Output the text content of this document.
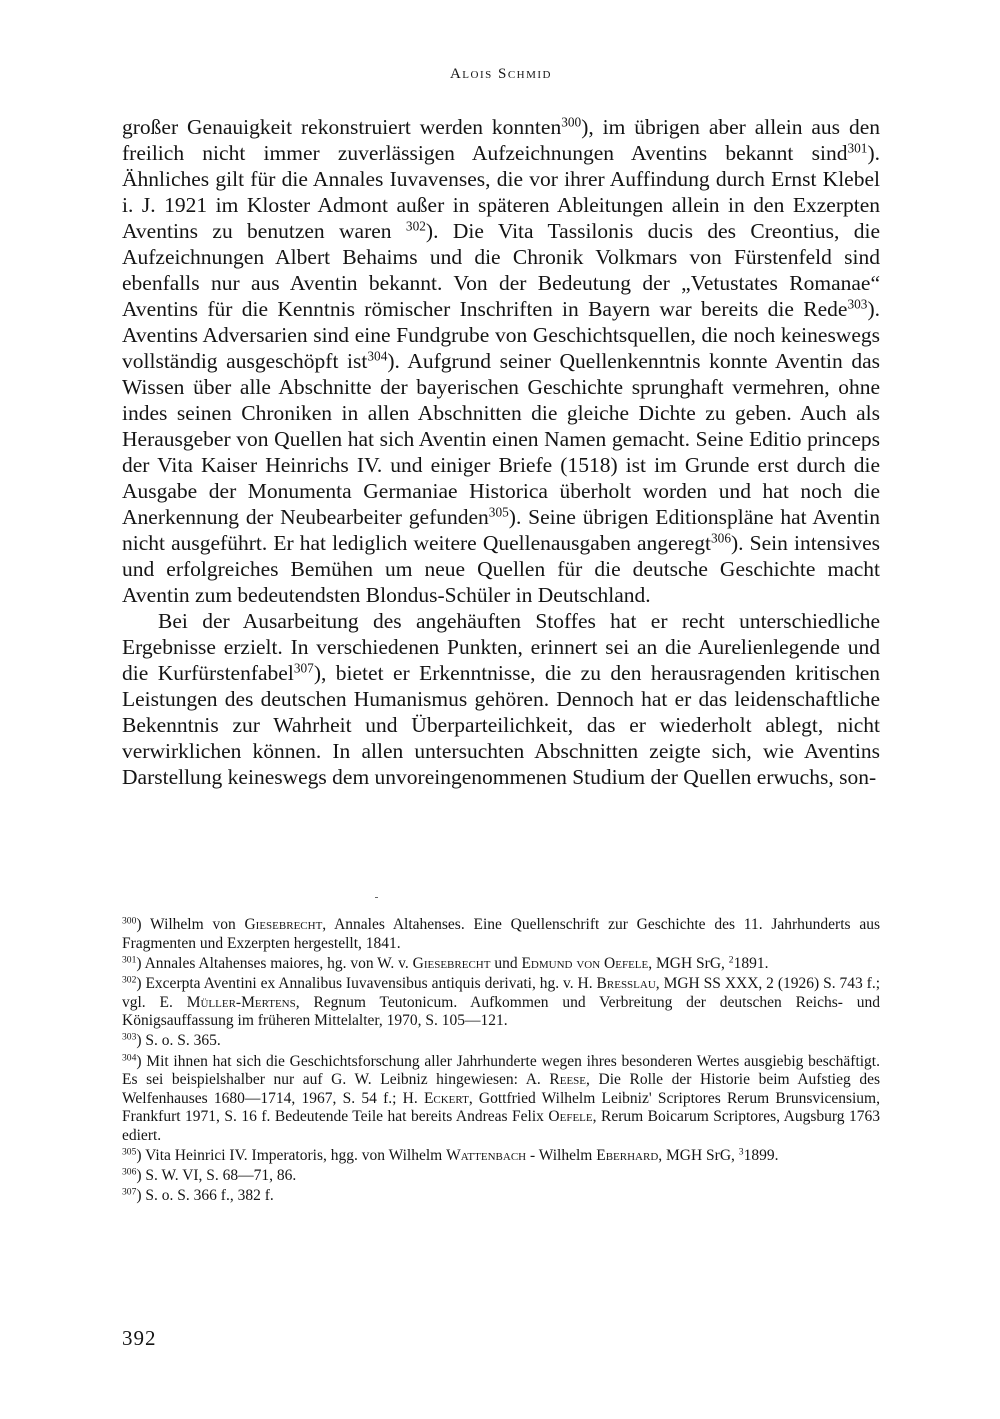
Alois Schmid

großer Genauigkeit rekonstruiert werden konnten$^{300}$), im übrigen aber allein aus den freilich nicht immer zuverlässigen Aufzeichnungen Aventins bekannt sind$^{301}$). Ähnliches gilt für die Annales Iuvavenses, die vor ihrer Auffindung durch Ernst Klebel i. J. 1921 im Kloster Admont außer in späteren Ableitungen allein in den Exzerpten Aventins zu benutzen waren $^{302}$). Die Vita Tassilonis ducis des Creontius, die Aufzeichnungen Albert Behaims und die Chronik Volkmars von Fürstenfeld sind ebenfalls nur aus Aventin bekannt. Von der Bedeutung der „Vetustates Romanae“ Aventins für die Kenntnis römischer Inschriften in Bayern war bereits die Rede$^{303}$). Aventins Adversarien sind eine Fundgrube von Geschichtsquellen, die noch keineswegs vollständig ausgeschöpft ist$^{304}$). Aufgrund seiner Quellenkenntnis konnte Aventin das Wissen über alle Abschnitte der bayerischen Geschichte sprunghaft vermehren, ohne indes seinen Chroniken in allen Abschnitten die gleiche Dichte zu geben. Auch als Herausgeber von Quellen hat sich Aventin einen Namen gemacht. Seine Editio princeps der Vita Kaiser Heinrichs IV. und einiger Briefe (1518) ist im Grunde erst durch die Ausgabe der Monumenta Germaniae Historica überholt worden und hat noch die Anerkennung der Neubearbeiter gefunden$^{305}$). Seine übrigen Editionspläne hat Aventin nicht ausgeführt. Er hat lediglich weitere Quellenausgaben angeregt$^{306}$). Sein intensives und erfolgreiches Bemühen um neue Quellen für die deutsche Geschichte macht Aventin zum bedeutendsten Blondus-Schüler in Deutschland.

Bei der Ausarbeitung des angehäuften Stoffes hat er recht unterschiedliche Ergebnisse erzielt. In verschiedenen Punkten, erinnert sei an die Aurelienlegende und die Kurfürstenfabel$^{307}$), bietet er Erkenntnisse, die zu den herausragenden kritischen Leistungen des deutschen Humanismus gehören. Dennoch hat er das leidenschaftliche Bekenntnis zur Wahrheit und Überparteilichkeit, das er wiederholt ablegt, nicht verwirklichen können. In allen untersuchten Abschnitten zeigte sich, wie Aventins Darstellung keineswegs dem unvoreingenommenen Studium der Quellen erwuchs, son-

$^{300}$) Wilhelm von Giesebrecht, Annales Altahenses. Eine Quellenschrift zur Geschichte des 11. Jahrhunderts aus Fragmenten und Exzerpten hergestellt, 1841.
$^{301}$) Annales Altahenses maiores, hg. von W. v. Giesebrecht und Edmund von Oefele, MGH SrG, $^2$1891.
$^{302}$) Excerpta Aventini ex Annalibus Iuvavensibus antiquis derivati, hg. v. H. Bresslau, MGH SS XXX, 2 (1926) S. 743 f.; vgl. E. Müller-Mertens, Regnum Teutonicum. Aufkommen und Verbreitung der deutschen Reichs- und Königsauffassung im früheren Mittelalter, 1970, S. 105—121.
$^{303}$) S. o. S. 365.
$^{304}$) Mit ihnen hat sich die Geschichtsforschung aller Jahrhunderte wegen ihres besonderen Wertes ausgiebig beschäftigt. Es sei beispielshalber nur auf G. W. Leibniz hingewiesen: A. Reese, Die Rolle der Historie beim Aufstieg des Welfenhauses 1680—1714, 1967, S. 54 f.; H. Eckert, Gottfried Wilhelm Leibniz' Scriptores Rerum Brunsvicensium, Frankfurt 1971, S. 16 f. Bedeutende Teile hat bereits Andreas Felix Oefele, Rerum Boicarum Scriptores, Augsburg 1763 ediert.
$^{305}$) Vita Heinrici IV. Imperatoris, hgg. von Wilhelm Wattenbach - Wilhelm Eberhard, MGH SrG, $^3$1899.
$^{306}$) S. W. VI, S. 68—71, 86.
$^{307}$) S. o. S. 366 f., 382 f.
392
